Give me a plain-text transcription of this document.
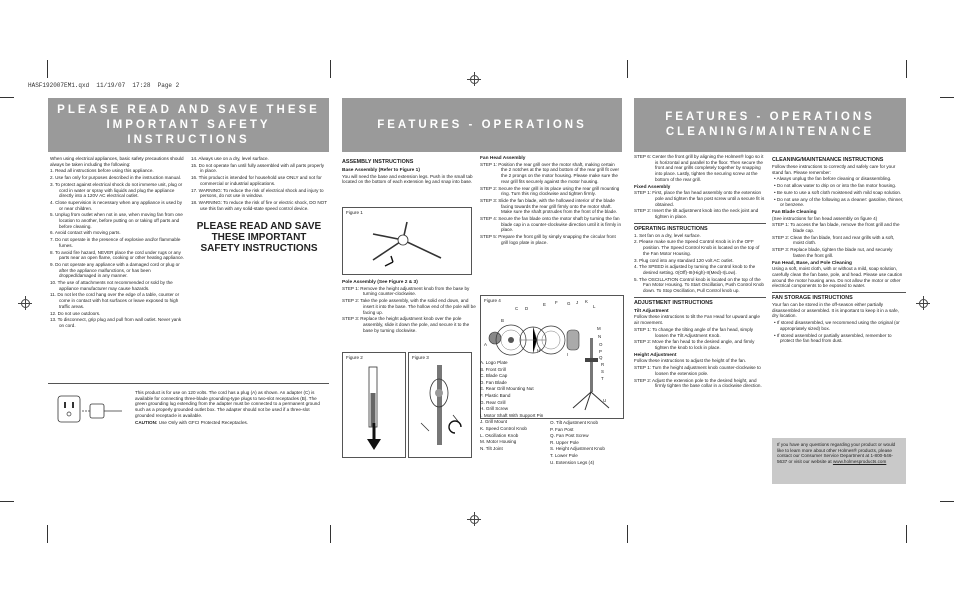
HASF192007EM1.qxd  11/19/07  17:28  Page 2
PLEASE READ AND SAVE THESE
IMPORTANT SAFETY INSTRUCTIONS

When using electrical appliances, basic safety precautions should always be taken including the following:

1. Read all instructions before using this appliance.

2. Use fan only for purposes described in the instruction manual.

3. To protect against electrical shock do not immerse unit, plug or cord in water or spray with liquids and plug the appliance directly into a 120V AC electrical outlet.

4. Close supervision is necessary when any appliance is used by or near children.

5. Unplug from outlet when not in use, when moving fan from one location to another, before putting on or taking off parts and before cleaning.

6. Avoid contact with moving parts.

7. Do not operate in the presence of explosive and/or flammable fumes.

8. To avoid fire hazard, NEVER place the cord under rugs or any parts near an open flame, cooking or other heating appliance.

9. Do not operate any appliance with a damaged cord or plug or after the appliance malfunctions, or has been dropped/damaged in any manner.

10. The use of attachments not recommended or sold by the appliance manufacturer may cause hazards.

11. Do not let the cord hang over the edge of a table, counter or come in contact with hot surfaces or leave exposed to high traffic areas.

12. Do not use outdoors.

13. To disconnect, grip plug and pull from wall outlet. Never yank on cord.

14. Always use on a dry, level surface.

15. Do not operate fan until fully assembled with all parts properly in place.

16. This product is intended for household use ONLY and not for commercial or industrial applications.

17. WARNING: To reduce the risk of electrical shock and injury to persons, do not use in window.

18. WARNING: To reduce the risk of fire or electric shock, DO NOT use this fan with any solid-state speed control device.

PLEASE READ AND SAVE THESE IMPORTANT SAFETY INSTRUCTIONS

This product is for use on 120 volts. The cord has a plug (A) as shown. An adapter (C) is available for connecting three-blade grounding-type plugs to two-slot receptacles (B). The green grounding lug extending from the adapter must be connected to a permanent ground such as a properly grounded outlet box. The adapter should not be used if a three-slot grounded receptacle is available.

CAUTION: Use Only with GFCI Protected Receptacles.

FEATURES - OPERATIONS
ASSEMBLY INSTRUCTIONS
Base Assembly (Refer to Figure 1)

You will need the base and extension legs. Push in the small tab located on the bottom of each extension leg and snap into base.

Figure 1
Pole Assembly (See Figure 2 & 3)

STEP 1: Remove the height adjustment knob from the base by turning counter-clockwise.

STEP 2: Take the pole assembly, with the solid end down, and insert it into the base. The hollow end of the pole will be facing up.

STEP 3: Replace the height adjustment knob over the pole assembly, slide it down the pole, and secure it to the base by turning clockwise.

Figure 2	Figure 3
Fan Head Assembly

STEP 1: Position the rear grill over the motor shaft, making certain the 2 notches at the top and bottom of the rear grill fit over the 2 prongs on the motor housing. Please make sure the rear grill fits securely against the motor housing.

STEP 2: Secure the rear grill in its place using the rear grill mounting ring. Turn this ring clockwise and tighten firmly.

STEP 3: Slide the fan blade, with the hollowed interior of the blade facing towards the rear grill firmly onto the motor shaft. Make sure the shaft protrudes from the front of the blade.

STEP 4: Secure the fan blade onto the motor shaft by turning the fan blade cap in a counter-clockwise direction until it is firmly in place.

STEP 5: Prepare the front grill by simply snapping the circular front grill logo plate in place.

Figure 4
A
B
C D
E F G J K
L
H
M
N
O
P
Q
R
S
T
U
I

A. Logo Plate

B. Front Grill

C. Blade Cap

D. Fan Blade

E. Rear Grill Mounting Nut

F. Plastic Band

G. Rear Grill

H. Grill Screw

I. Motor Shaft With Support Pin

J. Grill Mount

K. Speed Control Knob

L. Oscillation Knob

M. Motor Housing

N. Tilt Joint

O. Tilt Adjustment Knob

P. Fan Post

Q. Fan Post Screw

R. Upper Pole

S. Height Adjustment Knob

T. Lower Pole

U. Extension Legs (4)

FEATURES - OPERATIONS
CLEANING/MAINTENANCE

STEP 6: Center the front grill by aligning the Holmes® logo so it is horizontal and parallel to the floor. Then secure the front and rear grills completely together by snapping into place. Lastly, tighten the securing screw at the bottom of the rear grill.

Fixed Assembly

STEP 1: First, place the fan head assembly onto the extension pole and tighten the fan post screw until a secure fit is obtained.

STEP 2: Insert the tilt adjustment knob into the neck joint and tighten in place.

OPERATING INSTRUCTIONS

1. Set fan on a dry, level surface.

2. Please make sure the Speed Control Knob is in the OFF position. The Speed Control Knob is located on the top of the Fan Motor Housing.

3. Plug cord into any standard 120 volt AC outlet.

4. The SPEED is adjusted by turning the control knob to the desired setting. 0(Off)-III(High)-II(Med)-I(Low).

5. The OSCILLATION Control knob is located on the top of the Fan Motor Housing. To Start Oscillation, Push Control Knob down. To Stop Oscillation, Pull Control knob up.

ADJUSTMENT INSTRUCTIONS
Tilt Adjustment

Follow these instructions to tilt the Fan Head for upward angle air movement.

STEP 1: To change the tilting angle of the fan head, simply loosen the Tilt Adjustment Knob.

STEP 2: Move the fan head to the desired angle, and firmly tighten the knob to lock in place.

Height Adjustment

Follow these instructions to adjust the height of the fan.

STEP 1: Turn the height adjustment knob counter-clockwise to loosen the extension pole.

STEP 2: Adjust the extension pole to the desired height, and firmly tighten the base collar in a clockwise direction.

CLEANING/MAINTENANCE INSTRUCTIONS

Follow these instructions to correctly and safely care for your stand fan. Please remember:

• Always unplug the fan before cleaning or disassembling.

• Do not allow water to drip on or into the fan motor housing.

• Be sure to use a soft cloth moistened with mild soap solution.

• Do not use any of the following as a cleaner: gasoline, thinner, or benzene.

Fan Blade Cleaning

(See instructions for fan head assembly on figure 4)

STEP 1: To access the fan blade, remove the front grill and the blade cap.

STEP 2: Clean the fan blade, front and rear grills with a soft, moist cloth.

STEP 3: Replace blade, tighten the blade nut, and securely fasten the front grill.

Fan Head, Base, and Pole Cleaning

Using a soft, moist cloth, with or without a mild, soap solution, carefully clean the fan base, pole, and head. Please use caution around the motor housing area. Do not allow the motor or other electrical components to be exposed to water.

FAN STORAGE INSTRUCTIONS

Your fan can be stored in the off-season either partially disassembled or assembled. It is important to keep it in a safe, dry location.

• If stored disassembled, we recommend using the original (or appropriately sized) box.

• If stored assembled or partially assembled, remember to protect the fan head from dust.

If you have any questions regarding your product or would like to learn more about other Holmes® products, please contact our Consumer Service Department at 1-800-546-5637 or visit our website at www.holmesproducts.com
